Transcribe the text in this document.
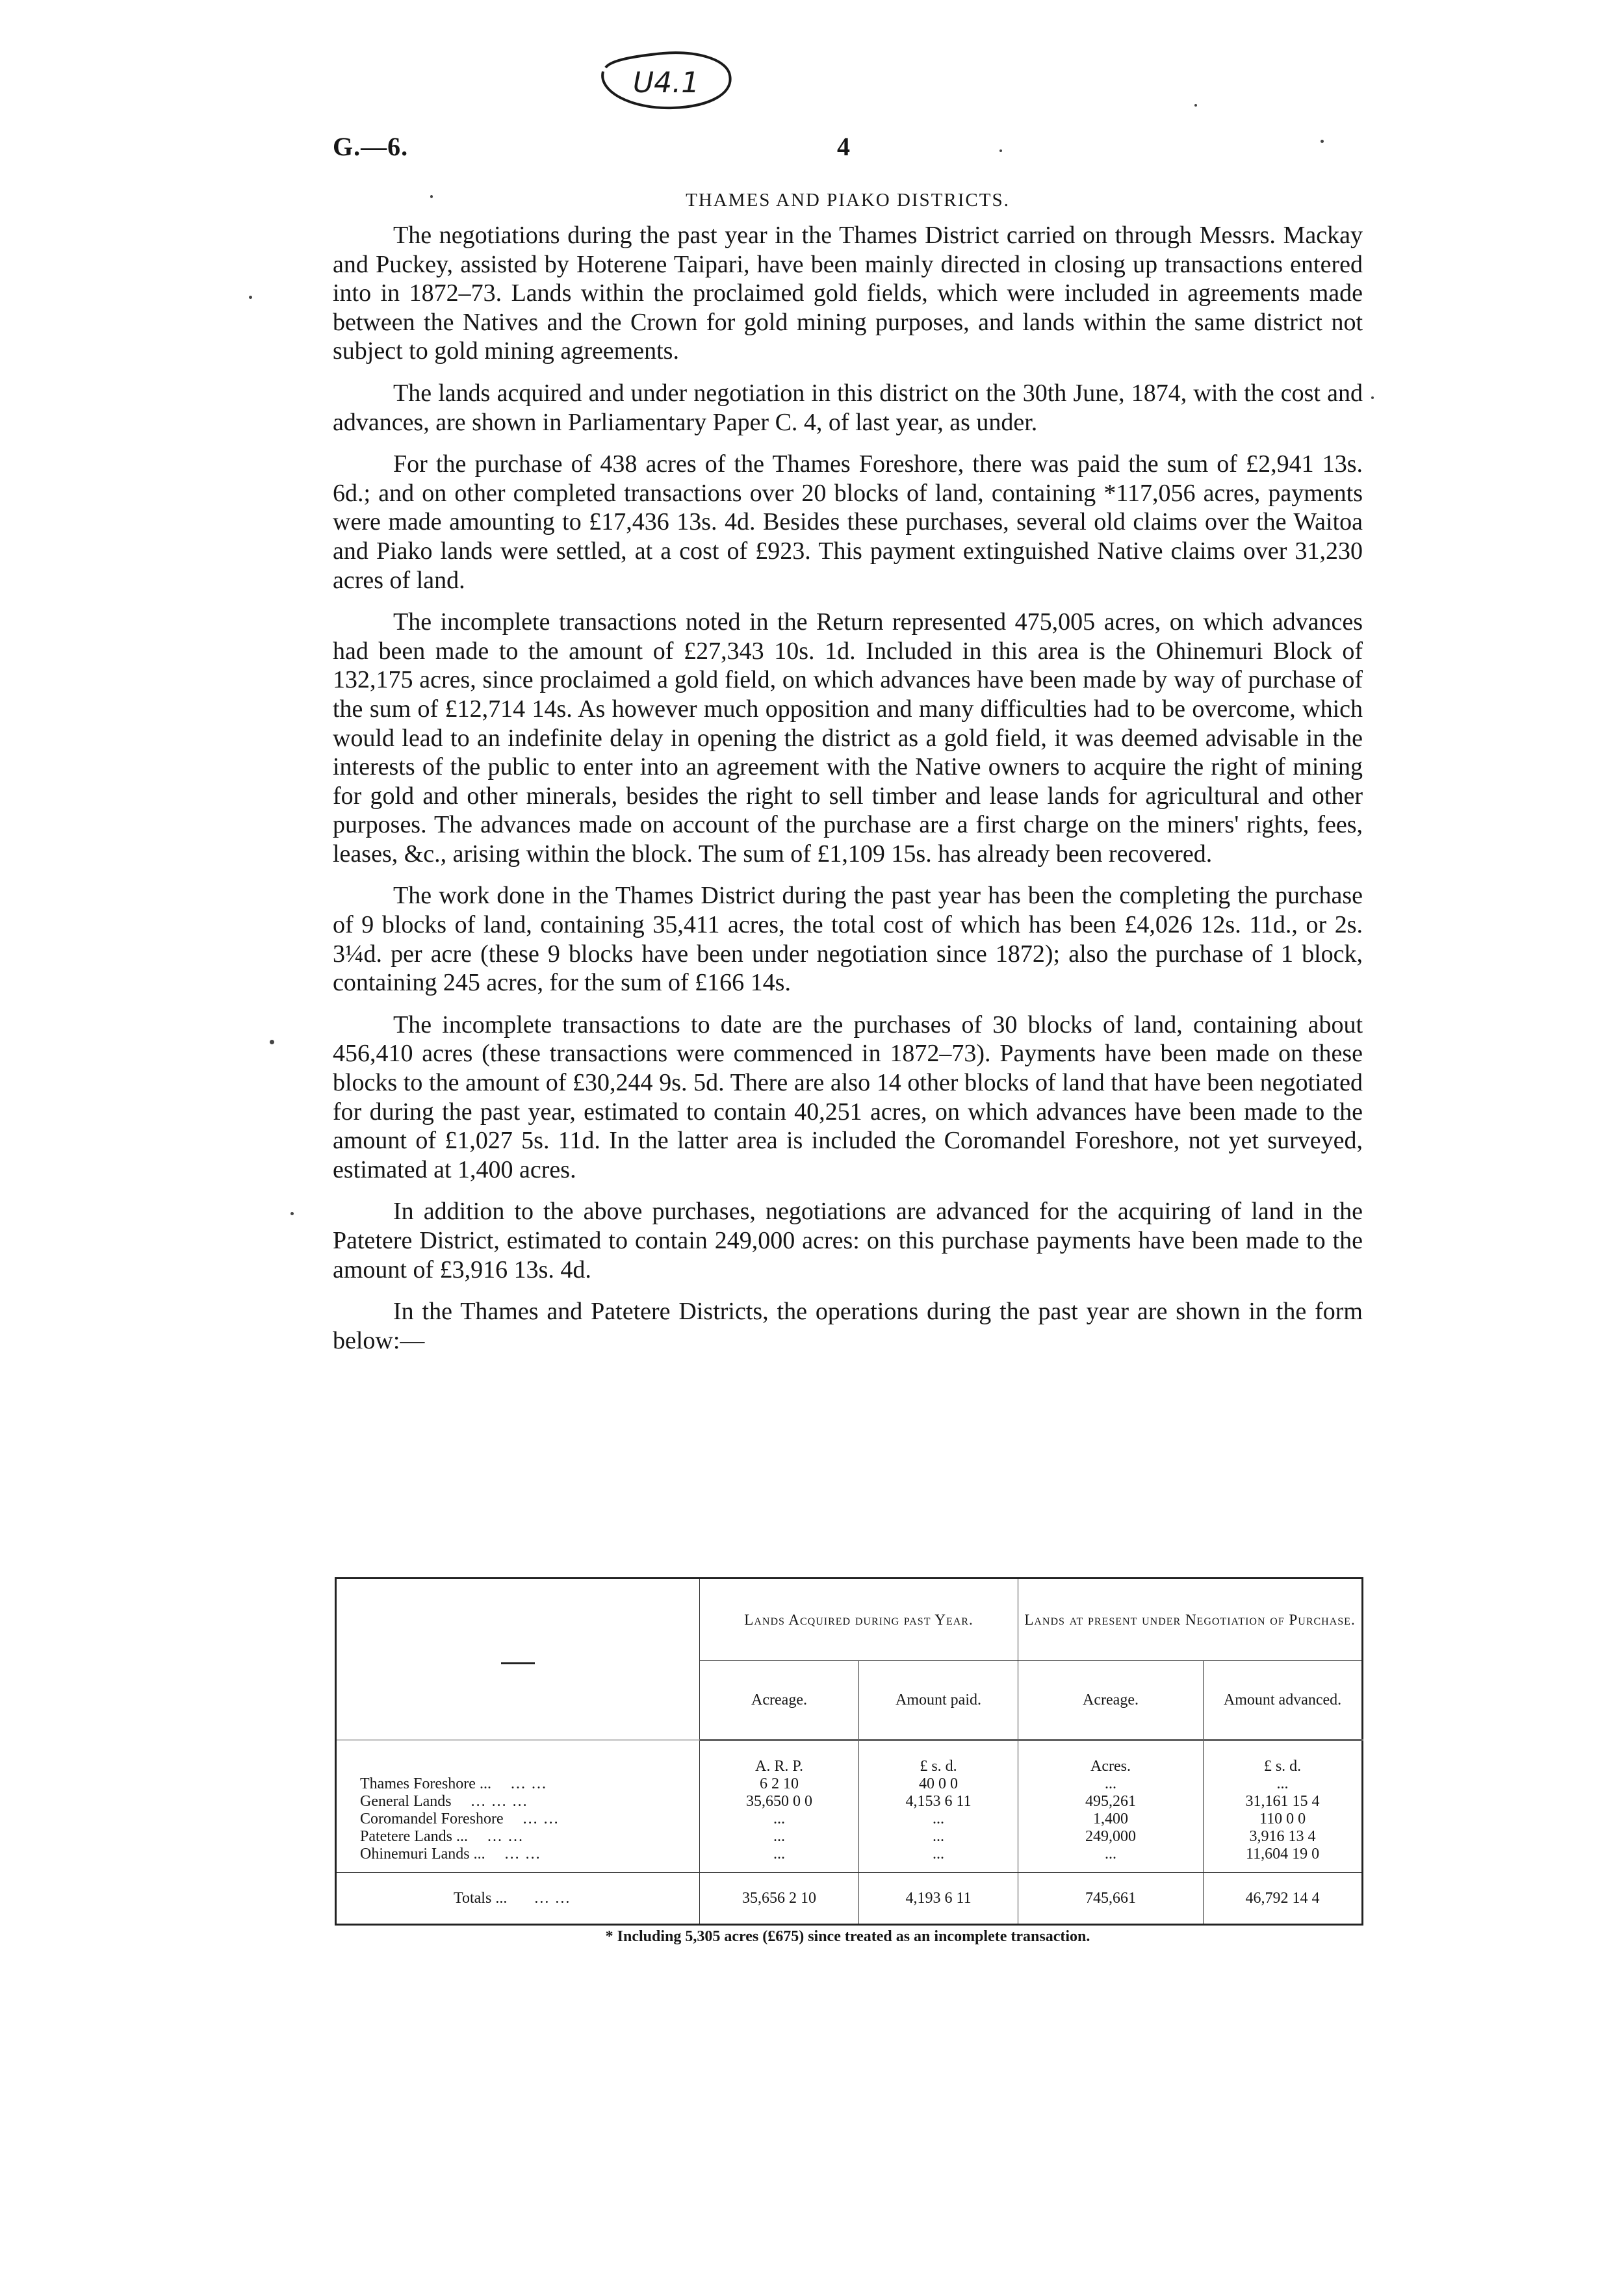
U4.1
G.—6.	4
THAMES AND PIAKO DISTRICTS.

The negotiations during the past year in the Thames District carried on through Messrs. Mackay and Puckey, assisted by Hoterene Taipari, have been mainly directed in closing up transactions entered into in 1872–73. Lands within the proclaimed gold fields, which were included in agreements made between the Natives and the Crown for gold mining purposes, and lands within the same district not subject to gold mining agreements.

The lands acquired and under negotiation in this district on the 30th June, 1874, with the cost and advances, are shown in Parliamentary Paper C. 4, of last year, as under.

For the purchase of 438 acres of the Thames Foreshore, there was paid the sum of £2,941 13s. 6d.; and on other completed transactions over 20 blocks of land, containing *117,056 acres, payments were made amounting to £17,436 13s. 4d. Besides these purchases, several old claims over the Waitoa and Piako lands were settled, at a cost of £923. This payment extinguished Native claims over 31,230 acres of land.

The incomplete transactions noted in the Return represented 475,005 acres, on which advances had been made to the amount of £27,343 10s. 1d. Included in this area is the Ohinemuri Block of 132,175 acres, since proclaimed a gold field, on which advances have been made by way of purchase of the sum of £12,714 14s. As however much opposition and many difficulties had to be overcome, which would lead to an indefinite delay in opening the district as a gold field, it was deemed advisable in the interests of the public to enter into an agreement with the Native owners to acquire the right of mining for gold and other minerals, besides the right to sell timber and lease lands for agricultural and other purposes. The advances made on account of the purchase are a first charge on the miners' rights, fees, leases, &c., arising within the block. The sum of £1,109 15s. has already been recovered.

The work done in the Thames District during the past year has been the completing the purchase of 9 blocks of land, containing 35,411 acres, the total cost of which has been £4,026 12s. 11d., or 2s. 3¼d. per acre (these 9 blocks have been under negotiation since 1872); also the purchase of 1 block, containing 245 acres, for the sum of £166 14s.

The incomplete transactions to date are the purchases of 30 blocks of land, containing about 456,410 acres (these transactions were commenced in 1872–73). Payments have been made on these blocks to the amount of £30,244 9s. 5d. There are also 14 other blocks of land that have been negotiated for during the past year, estimated to contain 40,251 acres, on which advances have been made to the amount of £1,027 5s. 11d. In the latter area is included the Coromandel Foreshore, not yet surveyed, estimated at 1,400 acres.

In addition to the above purchases, negotiations are advanced for the acquiring of land in the Patetere District, estimated to contain 249,000 acres: on this purchase payments have been made to the amount of £3,916 13s. 4d.

In the Thames and Patetere Districts, the operations during the past year are shown in the form below:—

	Lands Acquired during past Year.		Lands at present under Negotiation of Purchase.	
	Acreage.	Amount paid.	Acreage.	Amount advanced.
	A. R. P.	£ s. d.	Acres.	£ s. d.
Thames Foreshore ... ... ...	6 2 10	40 0 0	...	...
General Lands ... ... ...	35,650 0 0	4,153 6 11	495,261	31,161 15 4
Coromandel Foreshore ... ...	...	...	1,400	110 0 0
Patetere Lands ... ... ...	...	...	249,000	3,916 13 4
Ohinemuri Lands ... ... ...	...	...	...	11,604 19 0
Totals ... ... ...	35,656 2 10	4,193 6 11	745,661	46,792 14 4
* Including 5,305 acres (£675) since treated as an incomplete transaction.
